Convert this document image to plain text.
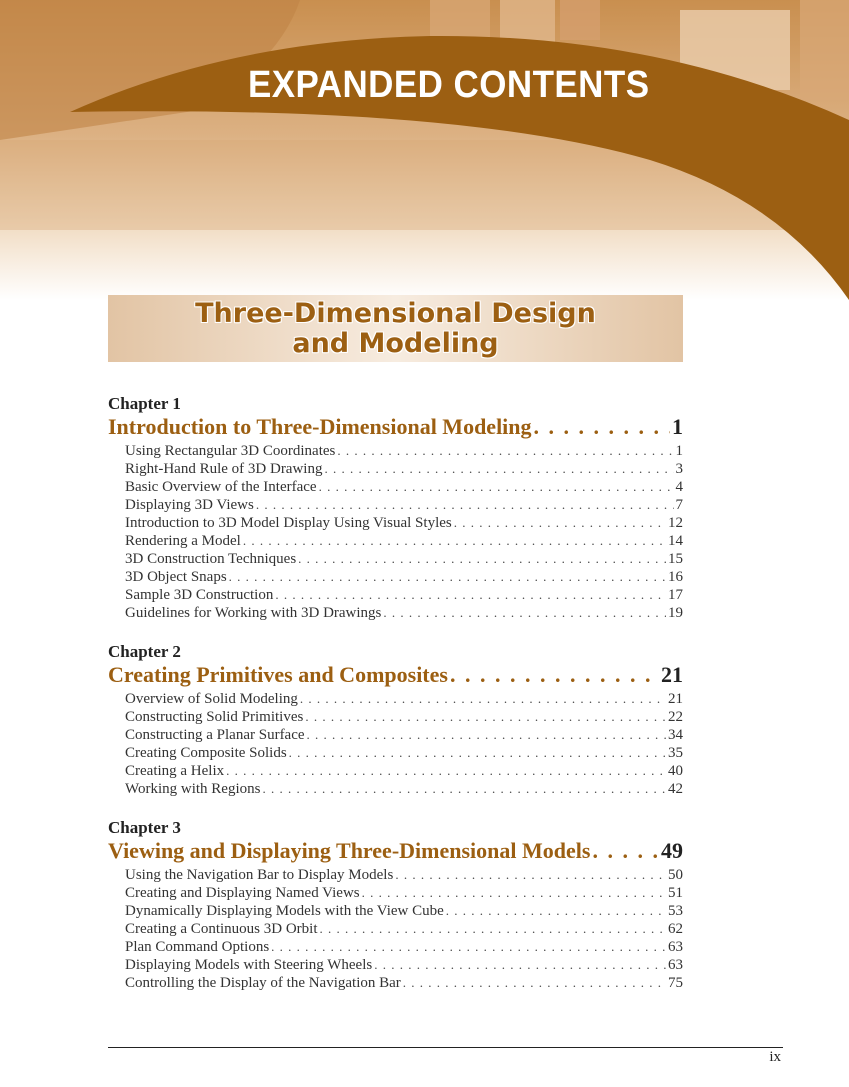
EXPANDED CONTENTS
Three-Dimensional Design
and Modeling
Chapter 1
Introduction to Three-Dimensional Modeling . . .	1
Using Rectangular 3D Coordinates . . .	1
Right-Hand Rule of 3D Drawing . . .	3
Basic Overview of the Interface . . .	4
Displaying 3D Views . . .	7
Introduction to 3D Model Display Using Visual Styles . . .	12
Rendering a Model . . .	14
3D Construction Techniques . . .	15
3D Object Snaps . . .	16
Sample 3D Construction . . .	17
Guidelines for Working with 3D Drawings . . .	19
Chapter 2
Creating Primitives and Composites . . .	21
Overview of Solid Modeling . . .	21
Constructing Solid Primitives . . .	22
Constructing a Planar Surface . . .	34
Creating Composite Solids . . .	35
Creating a Helix . . .	40
Working with Regions . . .	42
Chapter 3
Viewing and Displaying Three-Dimensional Models . . .	49
Using the Navigation Bar to Display Models . . .	50
Creating and Displaying Named Views . . .	51
Dynamically Displaying Models with the View Cube . . .	53
Creating a Continuous 3D Orbit . . .	62
Plan Command Options . . .	63
Displaying Models with Steering Wheels . . .	63
Controlling the Display of the Navigation Bar . . .	75
ix
